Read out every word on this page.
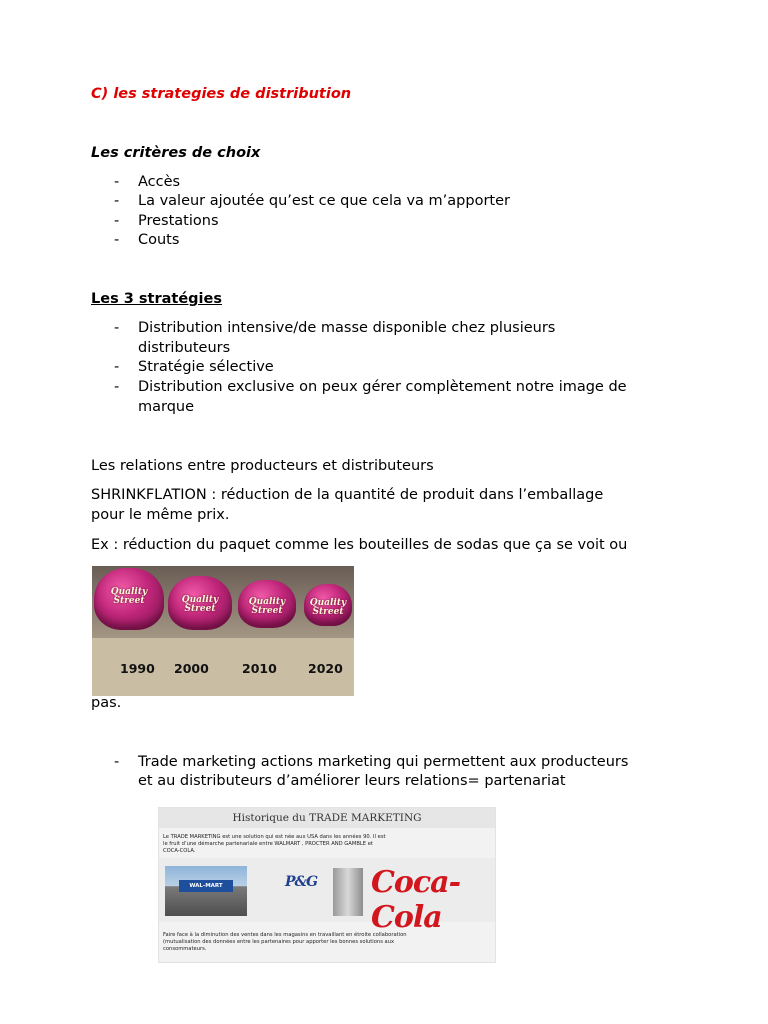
C) les strategies de distribution
Les critères de choix
- Accès
- La valeur ajoutée qu’est ce que cela va m’apporter
- Prestations
- Couts
Les 3 stratégies
- Distribution intensive/de masse disponible chez plusieurs
distributeurs
- Stratégie sélective
- Distribution exclusive on peux gérer complètement notre image de
marque
Les relations entre producteurs et distributeurs
SHRINKFLATION : réduction de la quantité de produit dans l’emballage
pour le même prix.
Ex : réduction du paquet comme les bouteilles de sodas que ça se voit ou
Quality Street	Quality Street
Quality Street
Quality Street
1990 2000	2010 2020
pas.
- Trade marketing actions marketing qui permettent aux producteurs
et au distributeurs d’améliorer leurs relations= partenariat
Historique du TRADE MARKETING
Le TRADE MARKETING est une solution qui est née aux USA dans les années 90. Il est
le fruit d’une démarche partenariale entre WALMART , PROCTER AND GAMBLE et
COCA-COLA.
WAL-MART	P&G Coca-Cola
Faire face à la diminution des ventes dans les magasins en travaillant en étroite collaboration
(mutualisation des données entre les partenaires pour apporter les bonnes solutions aux
consommateurs.
